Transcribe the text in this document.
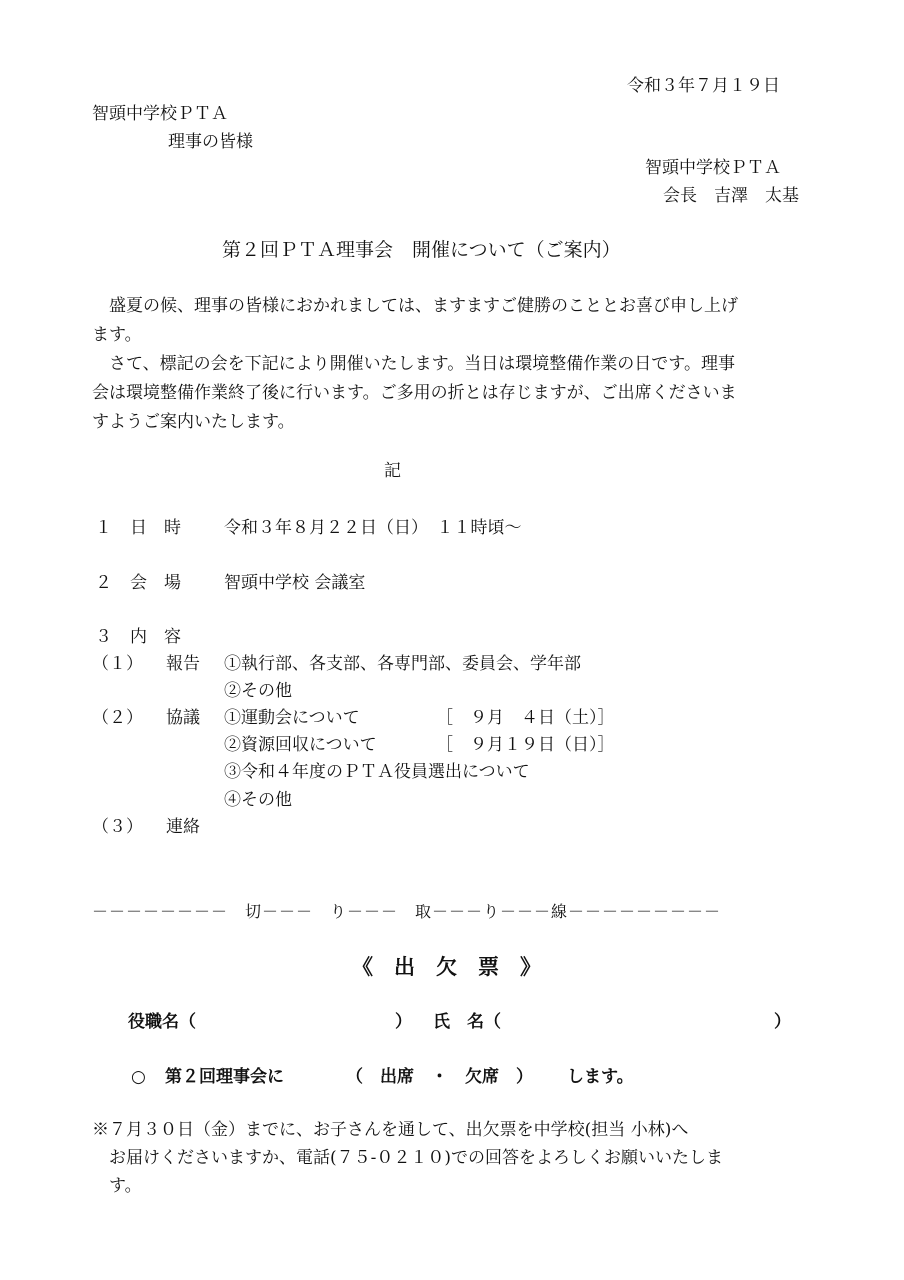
令和３年７月１９日
智頭中学校ＰＴＡ
理事の皆様
智頭中学校ＰＴＡ
会長　吉澤　太基
第２回ＰＴＡ理事会　開催について（ご案内）
盛夏の候、理事の皆様におかれましては、ますますご健勝のこととお喜び申し上げ
ます。
さて、標記の会を下記により開催いたします。当日は環境整備作業の日です。理事
会は環境整備作業終了後に行います。ご多用の折とは存じますが、ご出席くださいま
すようご案内いたします。
記
１ 日　時	令和３年８月２２日（日）　１１時頃～
２ 会　場	智頭中学校 会議室
３ 内　容
（１） 報告 ①執行部、各支部、各専門部、委員会、学年部
②その他
（２） 協議 ①運動会について	［　９月　４日（土）］
②資源回収について	［　９月１９日（日）］
③令和４年度のＰＴＡ役員選出について
④その他
（３） 連絡
－－－－－－－－　切－－－　り－－－　取－－－り－－－線－－－－－－－－－
《　出　欠　票　》
役職名（	） 氏　名（	）
○ 第２回理事会に	（　出席　・　欠席　） します。
※７月３０日（金）までに、お子さんを通して、出欠票を中学校(担当 小林)へ
お届けくださいますか、電話(７５-０２１０)での回答をよろしくお願いいたしま
す。
